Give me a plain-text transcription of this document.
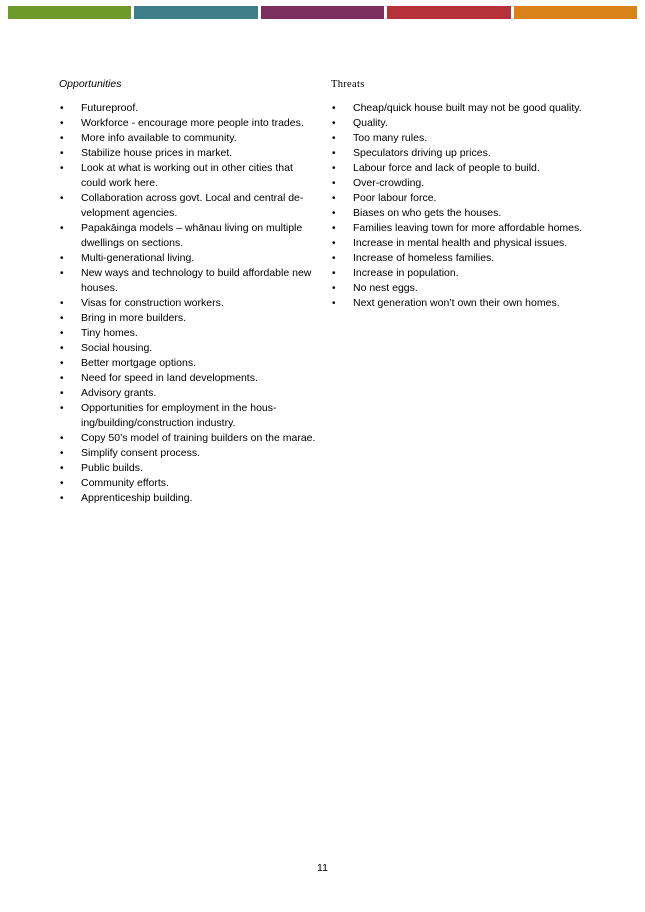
Opportunities
• Futureproof.
• Workforce - encourage more people into trades.
• More info available to community.
• Stabilize house prices in market.
• Look at what is working out in other cities that could work here.
• Collaboration across govt. Local and central de-velopment agencies.
• Papakāinga models – whānau living on multiple dwellings on sections.
• Multi-generational living.
• New ways and technology to build affordable new houses.
• Visas for construction workers.
• Bring in more builders.
• Tiny homes.
• Social housing.
• Better mortgage options.
• Need for speed in land developments.
• Advisory grants.
• Opportunities for employment in the hous-ing/building/construction industry.
• Copy 50’s model of training builders on the marae.
• Simplify consent process.
• Public builds.
• Community efforts.
• Apprenticeship building.
Threats
• Cheap/quick house built may not be good quality.
• Quality.
• Too many rules.
• Speculators driving up prices.
• Labour force and lack of people to build.
• Over-crowding.
• Poor labour force.
• Biases on who gets the houses.
• Families leaving town for more affordable homes.
• Increase in mental health and physical issues.
• Increase of homeless families.
• Increase in population.
• No nest eggs.
• Next generation won’t own their own homes.
11
